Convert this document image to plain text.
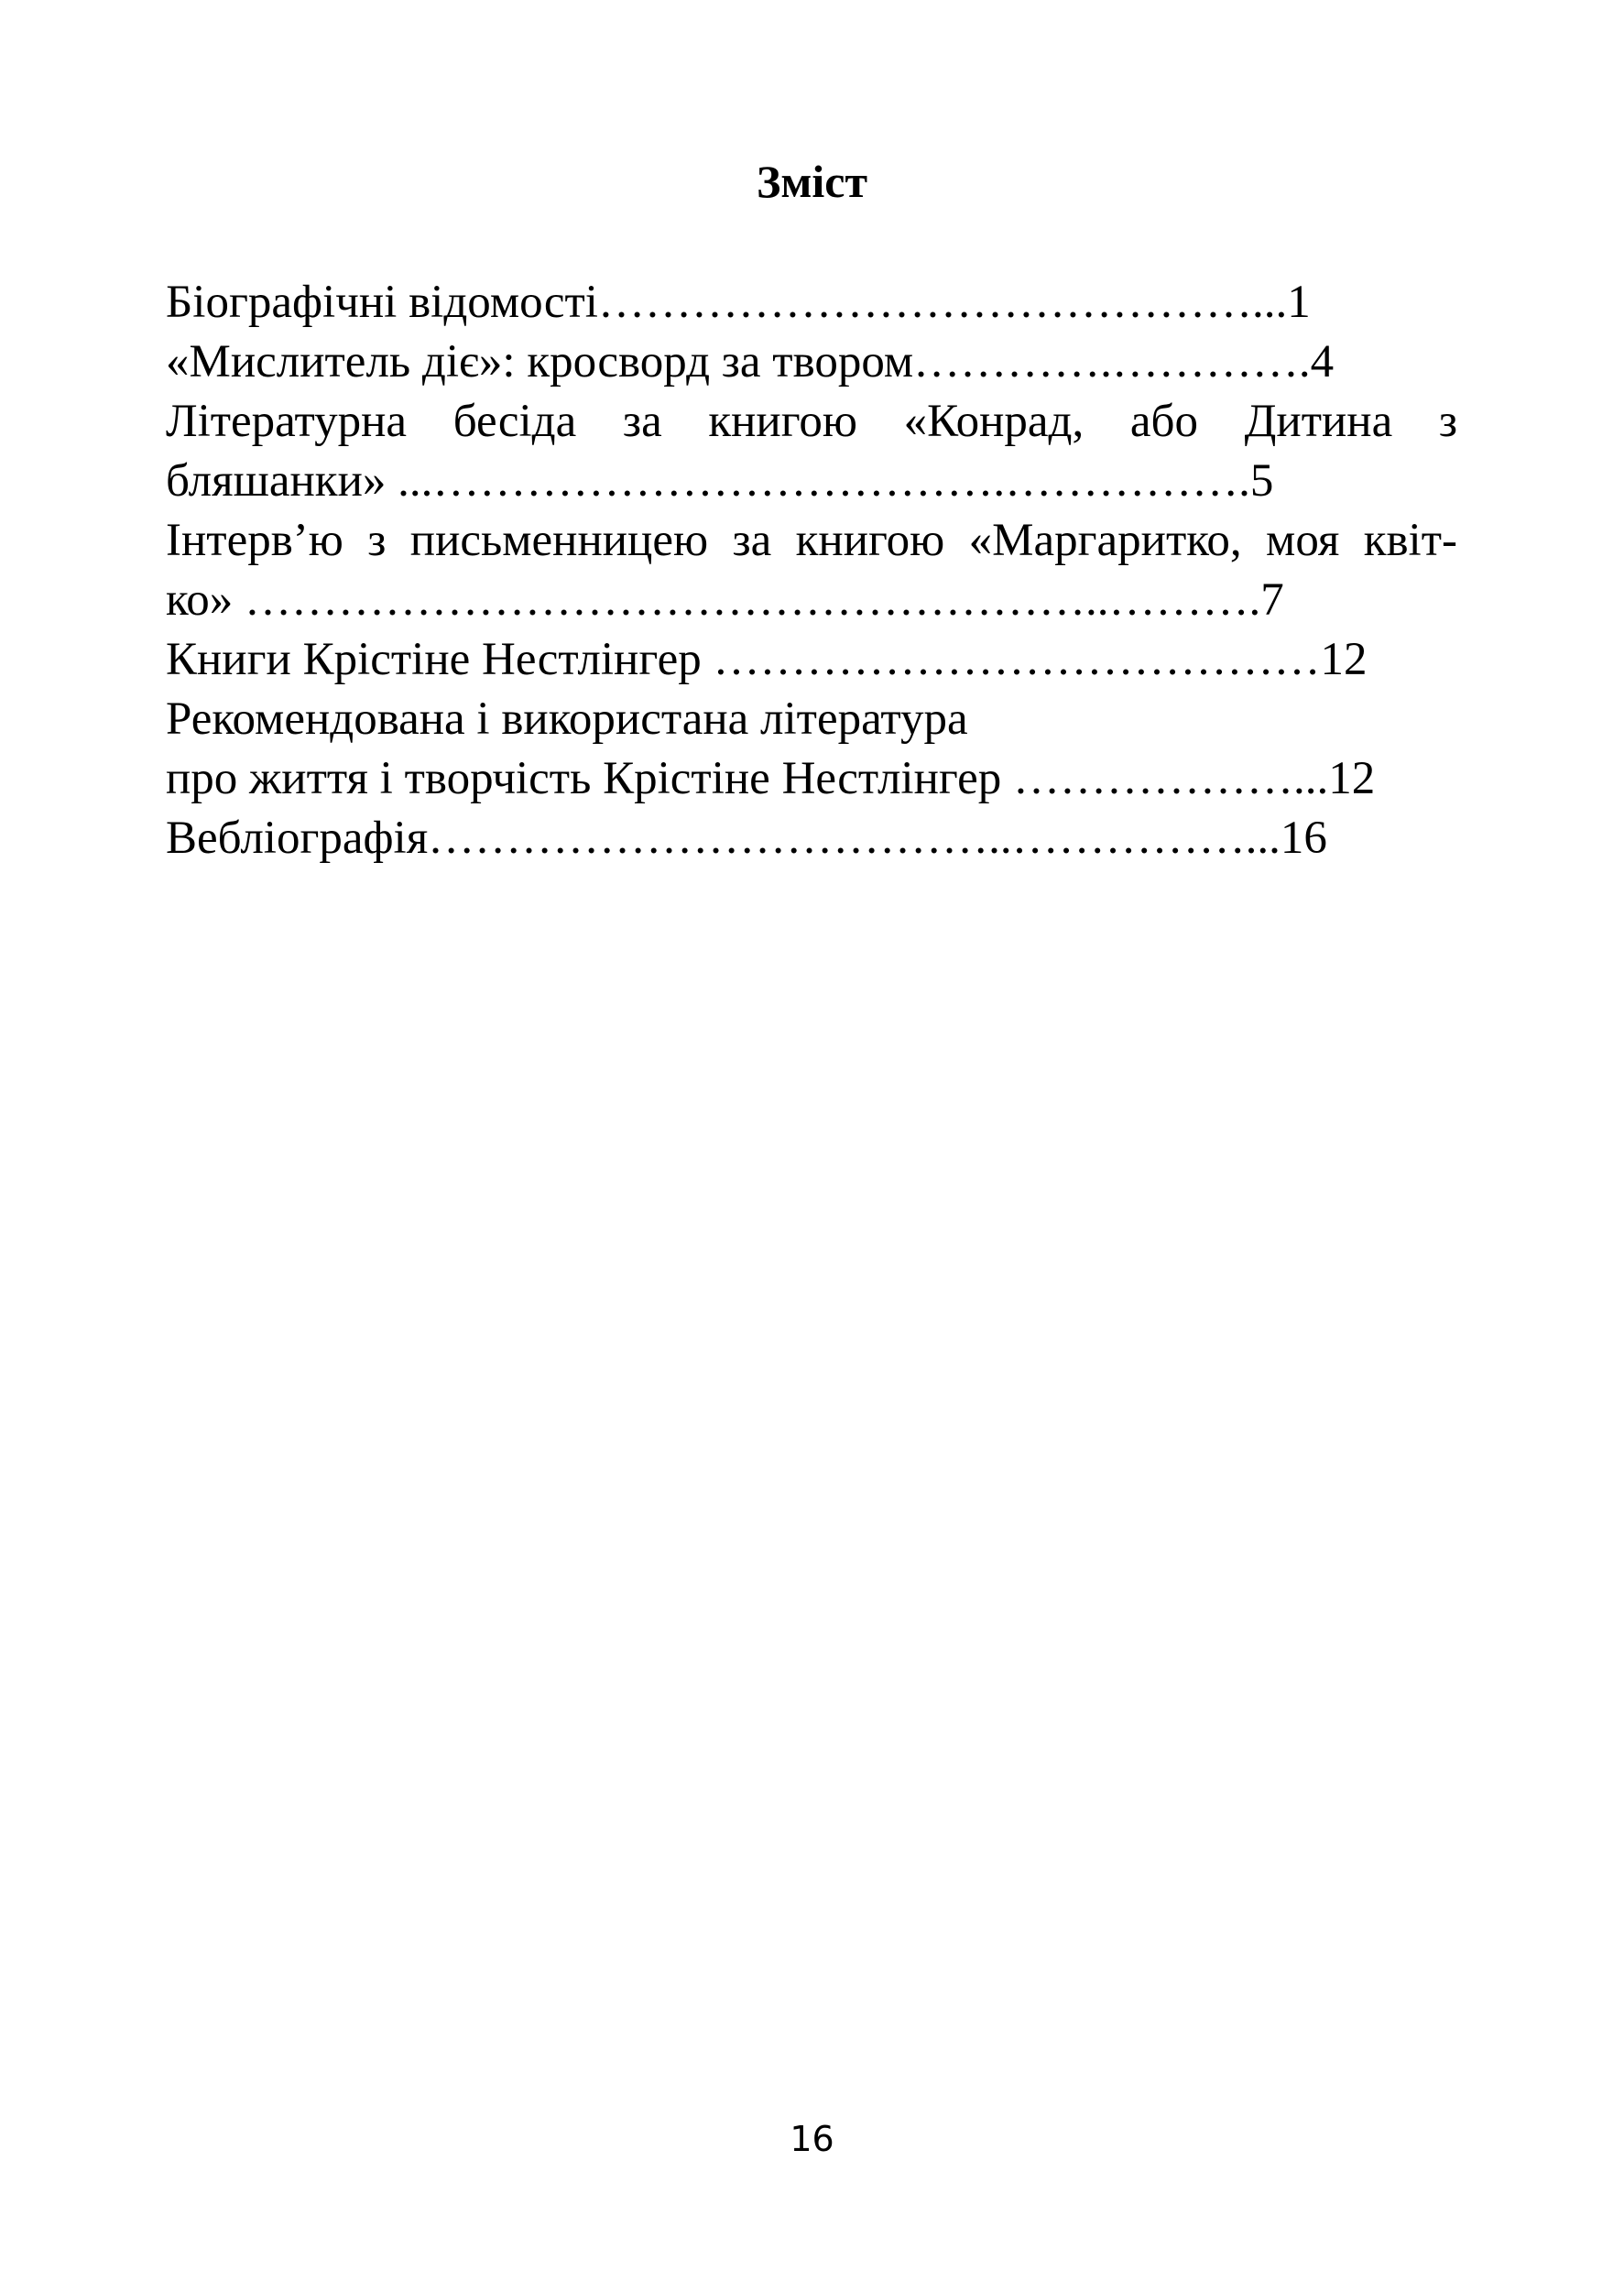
Зміст
Біографічні відомості……………………………………...1
«Мислитель діє»: кросворд за твором………….………….4
Літературна бесіда за книгою «Конрад, або Дитина з
бляшанки» ...……………………………….…………….5
Інтерв’ю з письменницею за книгою «Маргаритко, моя квіт-
ко» ………………………………………………..……….7
Книги Крістіне Нестлінгер …………………………………12
Рекомендована і використана література
про життя і творчість Крістіне Нестлінгер ………………...12
Вебліографія………………………………..……………...16
16
